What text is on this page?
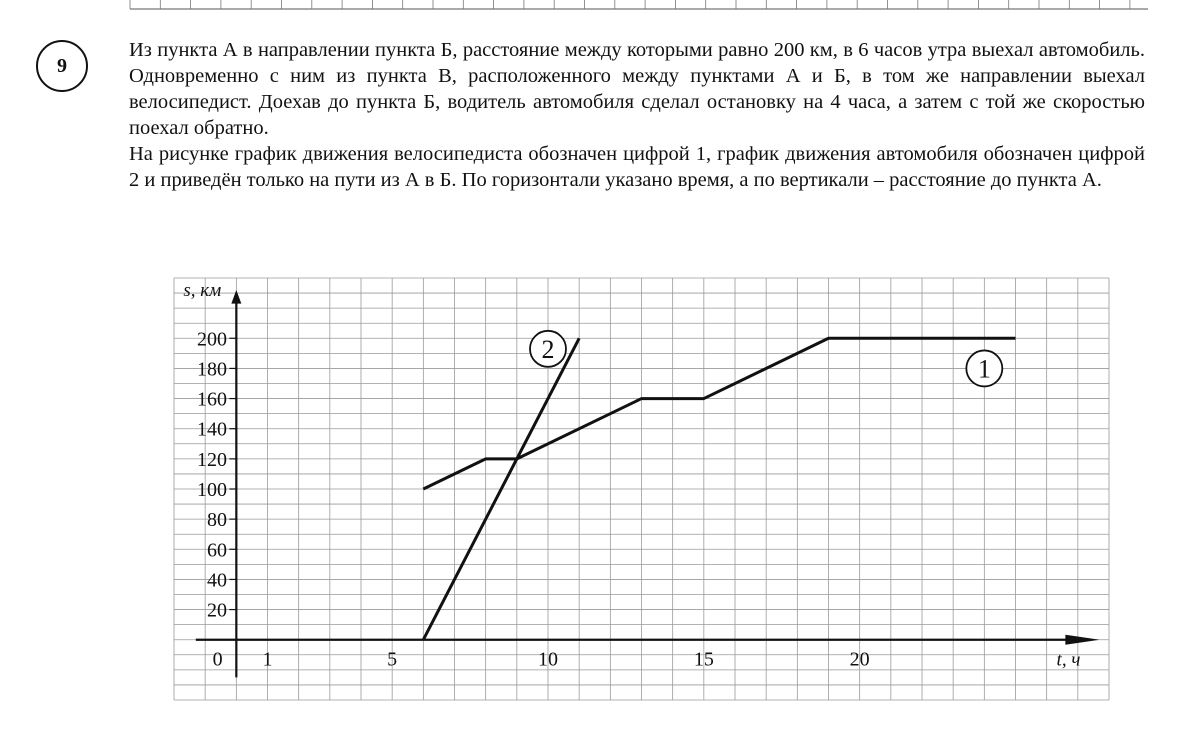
9

Из пункта А в направлении пункта Б, расстояние между которыми равно 200 км, в 6 часов утра выехал автомобиль. Одновременно с ним из пункта В, расположенного между пунктами А и Б, в том же направлении выехал велосипедист. Доехав до пункта Б, водитель автомобиля сделал остановку на 4 часа, а затем с той же скоростью поехал обратно.

На рисунке график движения велосипедиста обозначен цифрой 1, график движения автомобиля обозначен цифрой 2 и приведён только на пути из А в Б. По горизонтали указано время, а по вертикали – расстояние до пункта А.

20
40
60
80
100
120
140
160
180
200
0 1	5	10	15	20
s, км
t, ч
1
2
